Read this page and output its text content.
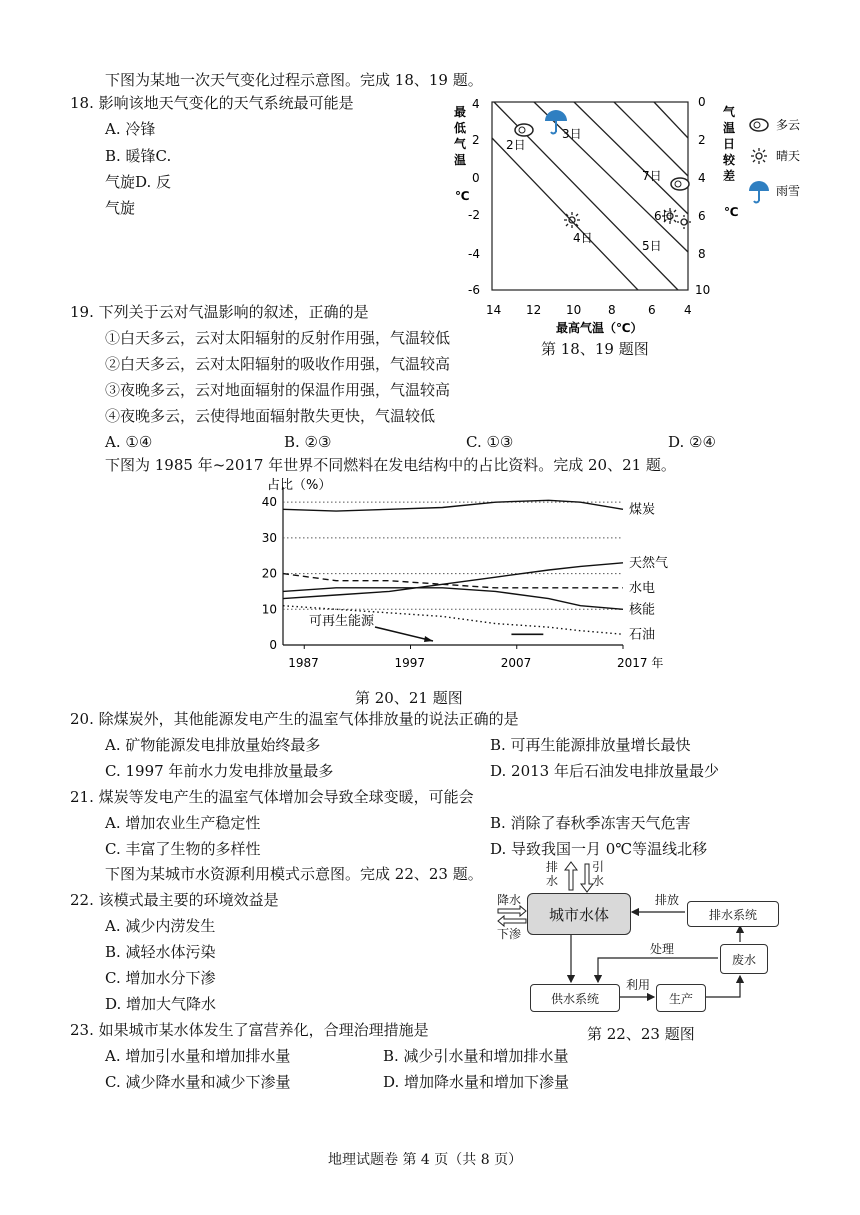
下图为某地一次天气变化过程示意图。完成 18、19 题。
18. 影响该地天气变化的天气系统最可能是
A. 冷锋
B. 暖锋C.
气旋D. 反
气旋
最
低
气
温
℃
4
2
0
-2
-4
-6
0
2
4
6
8
10
气
温
日
较
差
℃
14 12 10 8	6 4
最高气温（℃）
2日
3日
4日
5日
6日
7日
多云
晴天
雨雪
第 18、19 题图
19. 下列关于云对气温影响的叙述，正确的是
①白天多云，云对太阳辐射的反射作用强，气温较低
②白天多云，云对太阳辐射的吸收作用强，气温较高
③夜晚多云，云对地面辐射的保温作用强，气温较高
④夜晚多云，云使得地面辐射散失更快，气温较低
A. ①④	B. ②③	C. ①③	D. ②④
下图为 1985 年~2017 年世界不同燃料在发电结构中的占比资料。完成 20、21 题。
占比（%）
0
10
20
30
40
1987	1997	2007	2017 年
煤炭
天然气
水电
核能
石油
可再生能源
第 20、21 题图
20. 除煤炭外，其他能源发电产生的温室气体排放量的说法正确的是
A. 矿物能源发电排放量始终最多	B. 可再生能源排放量增长最快
C. 1997 年前水力发电排放量最多	D. 2013 年后石油发电排放量最少
21. 煤炭等发电产生的温室气体增加会导致全球变暖，可能会
A. 增加农业生产稳定性	B. 消除了春秋季冻害天气危害
C. 丰富了生物的多样性	D. 导致我国一月 0℃等温线北移
下图为某城市水资源利用模式示意图。完成 22、23 题。
22. 该模式最主要的环境效益是
A. 减少内涝发生
B. 减轻水体污染
C. 增加水分下渗
D. 增加大气降水
排水
引水
降水
下渗
城市水体
排放
排水系统
处理
废水
利用
供水系统	生产
第 22、23 题图
23. 如果城市某水体发生了富营养化，合理治理措施是
A. 增加引水量和增加排水量	B. 减少引水量和增加排水量
C. 减少降水量和减少下渗量	D. 增加降水量和增加下渗量
地理试题卷 第 4 页（共 8 页）
